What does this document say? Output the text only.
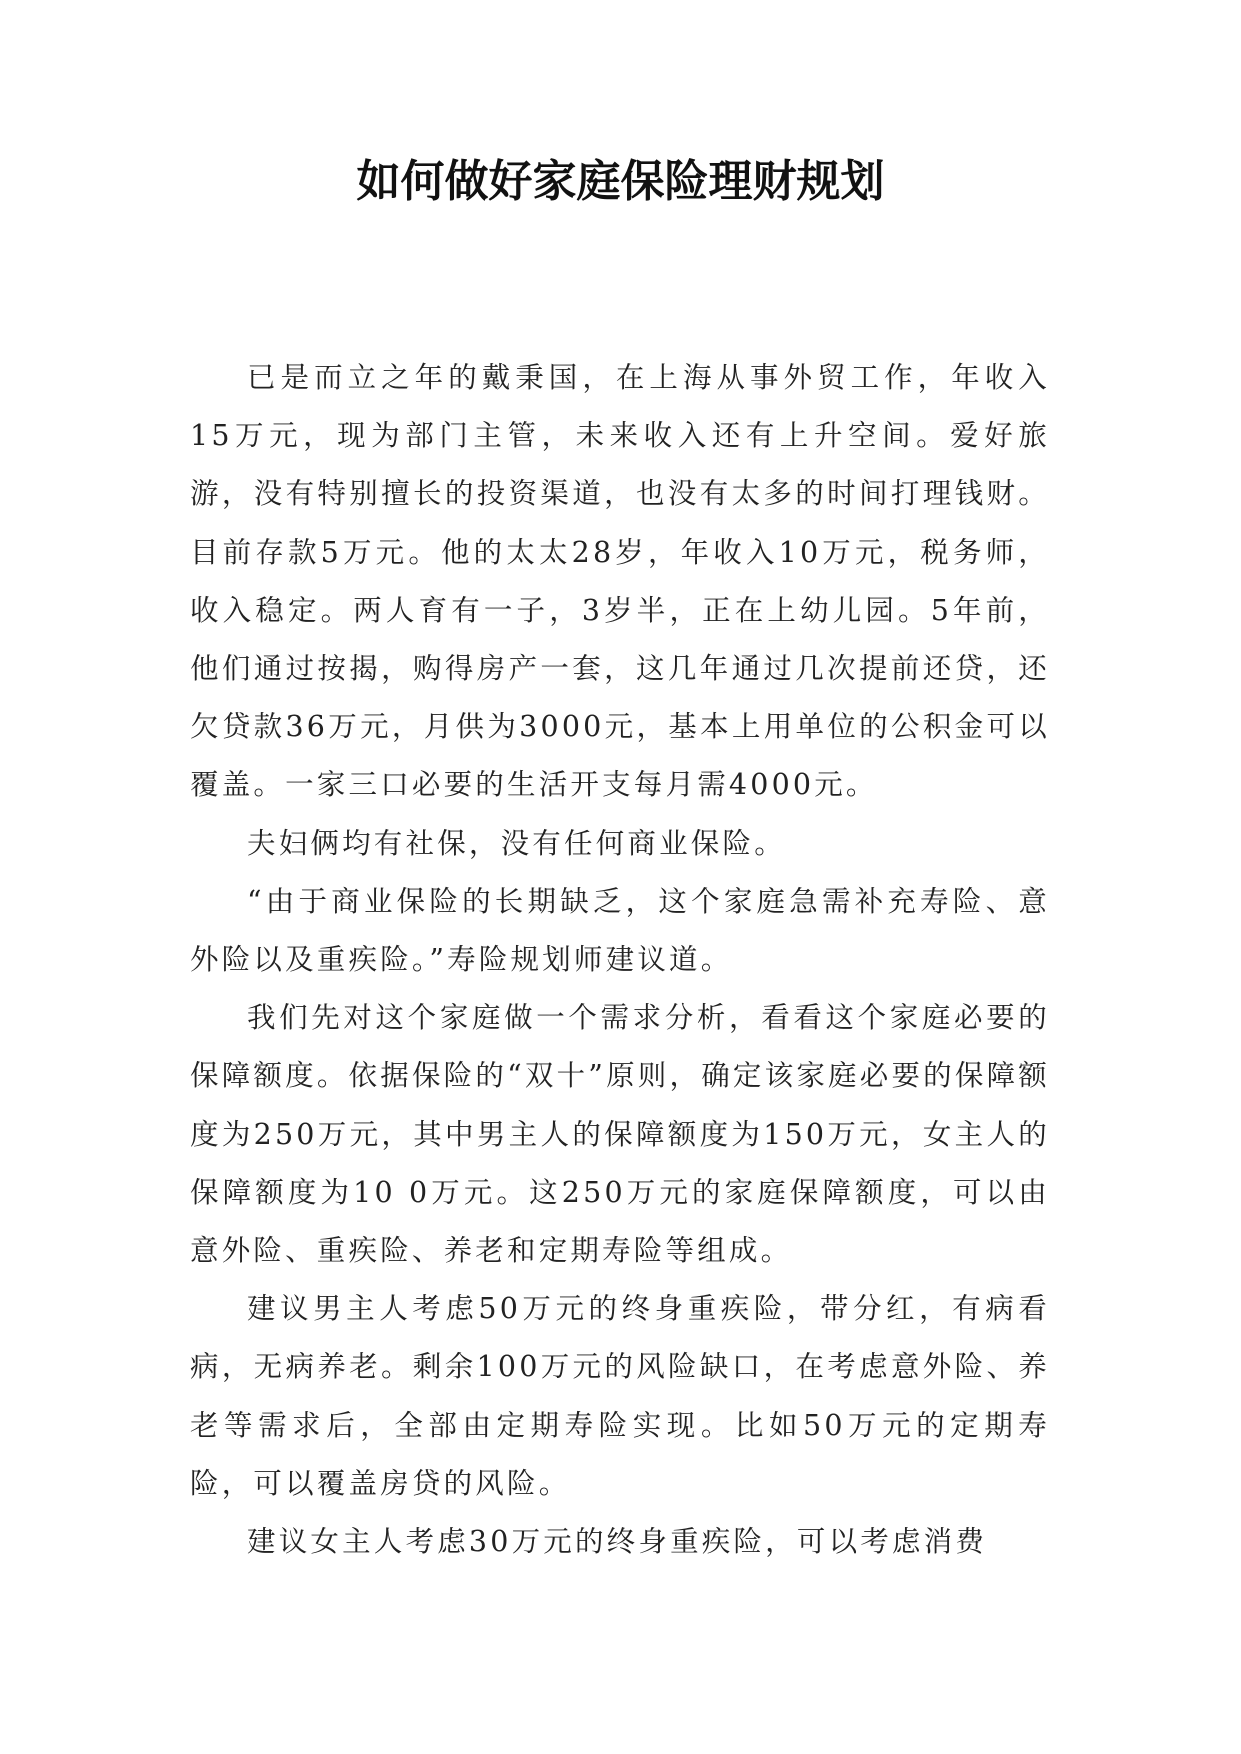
如何做好家庭保险理财规划

已是而立之年的戴秉国，在上海从事外贸工作，年收入15万元，现为部门主管，未来收入还有上升空间。爱好旅游，没有特别擅长的投资渠道，也没有太多的时间打理钱财。目前存款5万元。他的太太28岁，年收入10万元，税务师，收入稳定。两人育有一子，3岁半，正在上幼儿园。5年前，他们通过按揭，购得房产一套，这几年通过几次提前还贷，还欠贷款36万元，月供为3000元，基本上用单位的公积金可以覆盖。一家三口必要的生活开支每月需4000元。

夫妇俩均有社保，没有任何商业保险。

“由于商业保险的长期缺乏，这个家庭急需补充寿险、意外险以及重疾险。”寿险规划师建议道。

我们先对这个家庭做一个需求分析，看看这个家庭必要的保障额度。依据保险的“双十”原则，确定该家庭必要的保障额度为250万元，其中男主人的保障额度为150万元，女主人的保障额度为10 0万元。这250万元的家庭保障额度，可以由意外险、重疾险、养老和定期寿险等组成。

建议男主人考虑50万元的终身重疾险，带分红，有病看病，无病养老。剩余100万元的风险缺口，在考虑意外险、养老等需求后，全部由定期寿险实现。比如50万元的定期寿险，可以覆盖房贷的风险。

建议女主人考虑30万元的终身重疾险，可以考虑消费
